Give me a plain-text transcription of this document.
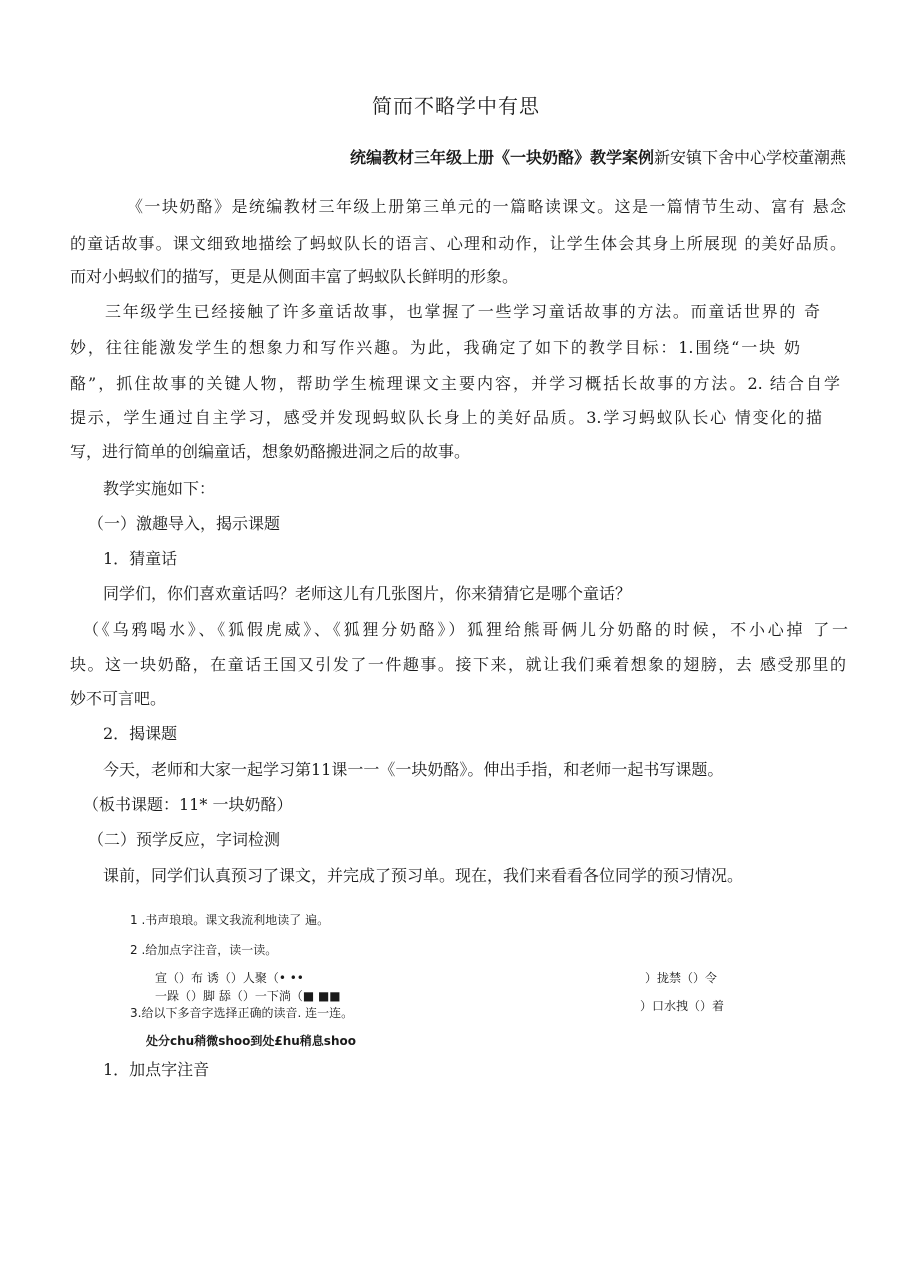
简而不略学中有思
统编教材三年级上册《一块奶酪》教学案例新安镇下舍中心学校董潮燕
《一块奶酪》是统编教材三年级上册第三单元的一篇略读课文。这是一篇情节生动、富有 悬念
的童话故事。课文细致地描绘了蚂蚁队长的语言、心理和动作，让学生体会其身上所展现 的美好品质。
而对小蚂蚁们的描写，更是从侧面丰富了蚂蚁队长鲜明的形象。
三年级学生已经接触了许多童话故事，也掌握了一些学习童话故事的方法。而童话世界的 奇
妙，往往能激发学生的想象力和写作兴趣。为此，我确定了如下的教学目标：1.围绕“一块 奶
酪”，抓住故事的关键人物，帮助学生梳理课文主要内容，并学习概括长故事的方法。2. 结合自学
提示，学生通过自主学习，感受并发现蚂蚁队长身上的美好品质。3.学习蚂蚁队长心 情变化的描
写，进行简单的创编童话，想象奶酪搬进洞之后的故事。
教学实施如下：
（一）激趣导入，揭示课题
1．猜童话
同学们，你们喜欢童话吗？老师这儿有几张图片，你来猜猜它是哪个童话？
（《乌鸦喝水》、《狐假虎威》、《狐狸分奶酪》）狐狸给熊哥俩儿分奶酪的时候，不小心掉 了一
块。这一块奶酪，在童话王国又引发了一件趣事。接下来，就让我们乘着想象的翅膀，去 感受那里的
妙不可言吧。
2．揭课题
今天，老师和大家一起学习第11课一一《一块奶酪》。伸出手指，和老师一起书写课题。
（板书课题：11* 一块奶酪）
（二）预学反应，字词检测
课前，同学们认真预习了课文，并完成了预习单。现在，我们来看看各位同学的预习情况。
1 .书声琅琅。课文我流利地读了 遍。
2 .给加点字注音，读一读。
宣（）布 诱（）人聚（• ••	）拢禁（）令
一跺（）脚 舔（）一下淌（■ ■■
）口水拽（）着
3.给以下多音字选择正确的读音. 连一连。
处分chu稍微shoo到处£hu稍息shoo
1．加点字注音
